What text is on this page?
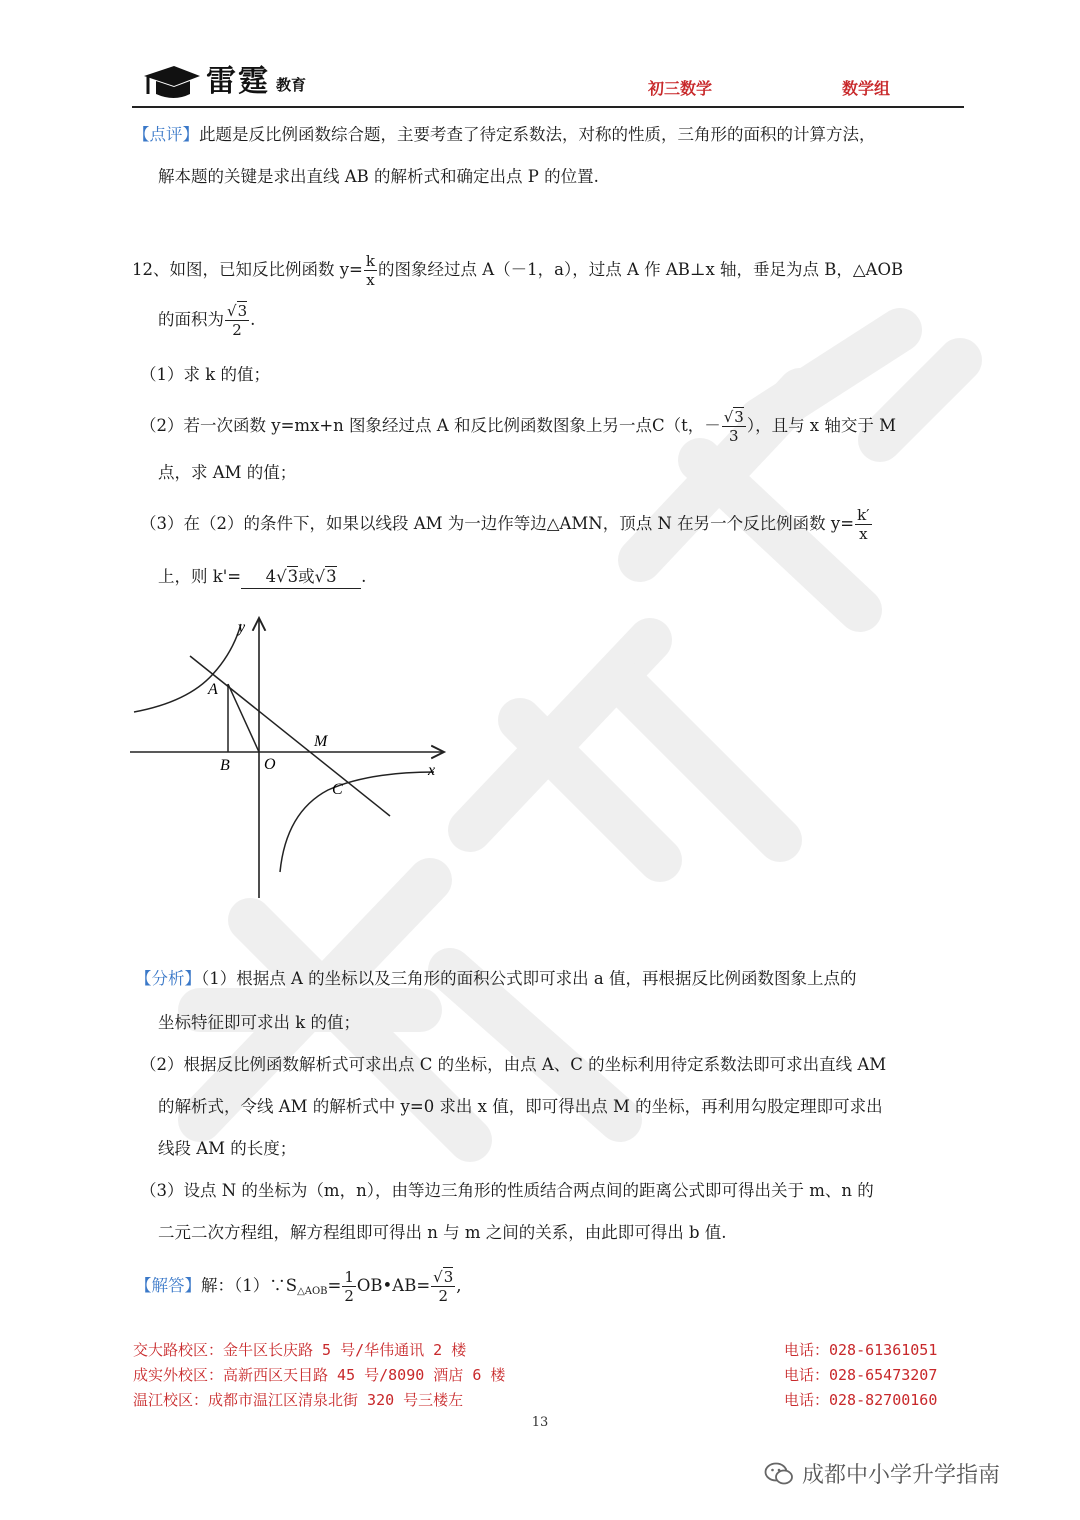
雷霆 教育	初三数学	数学组
【点评】此题是反比例函数综合题，主要考查了待定系数法，对称的性质，三角形的面积的计算方法，
解本题的关键是求出直线 AB 的解析式和确定出点 P 的位置.
12、如图，已知反比例函数 $y= \frac{k}{x}$ 的图象经过点 A（－1，a），过点 A 作 AB⊥x 轴，垂足为点 B，△AOB
的面积为 $\frac{√3}{2}$ .
（1）求 k 的值；
（2）若一次函数 y=mx+n 图象经过点 A 和反比例函数图象上另一点C（t，－ $\frac{√3}{3}$ ），且与 x 轴交于 M
点，求 AM 的值；
（3）在（2）的条件下，如果以线段 AM 为一边作等边△AMN，顶点 N 在另一个反比例函数 $y= \frac{k'}{x}$
上，则 k'= 4√3或√3 .
y
x
A
B O
M
C
【分析】（1）根据点 A 的坐标以及三角形的面积公式即可求出 a 值，再根据反比例函数图象上点的
坐标特征即可求出 k 的值；
（2）根据反比例函数解析式可求出点 C 的坐标，由点 A、C 的坐标利用待定系数法即可求出直线 AM
的解析式，令线 AM 的解析式中 y=0 求出 x 值，即可得出点 M 的坐标，再利用勾股定理即可求出
线段 AM 的长度；
（3）设点 N 的坐标为（m，n），由等边三角形的性质结合两点间的距离公式即可得出关于 m、n 的
二元二次方程组，解方程组即可得出 n 与 m 之间的关系，由此即可得出 b 值.
【解答】解：$(1)\because S_{\triangle AOB}= \frac{1}{2}$ OB•AB= $\frac{√3}{2}$ ,
交大路校区：金牛区长庆路 5 号/华伟通讯 2 楼
成实外校区：高新西区天目路 45 号/8090 酒店 6 楼
温江校区：成都市温江区清泉北街 320 号三楼左
电话：028-61361051
电话：028-65473207
电话：028-82700160
13
成都中小学升学指南
